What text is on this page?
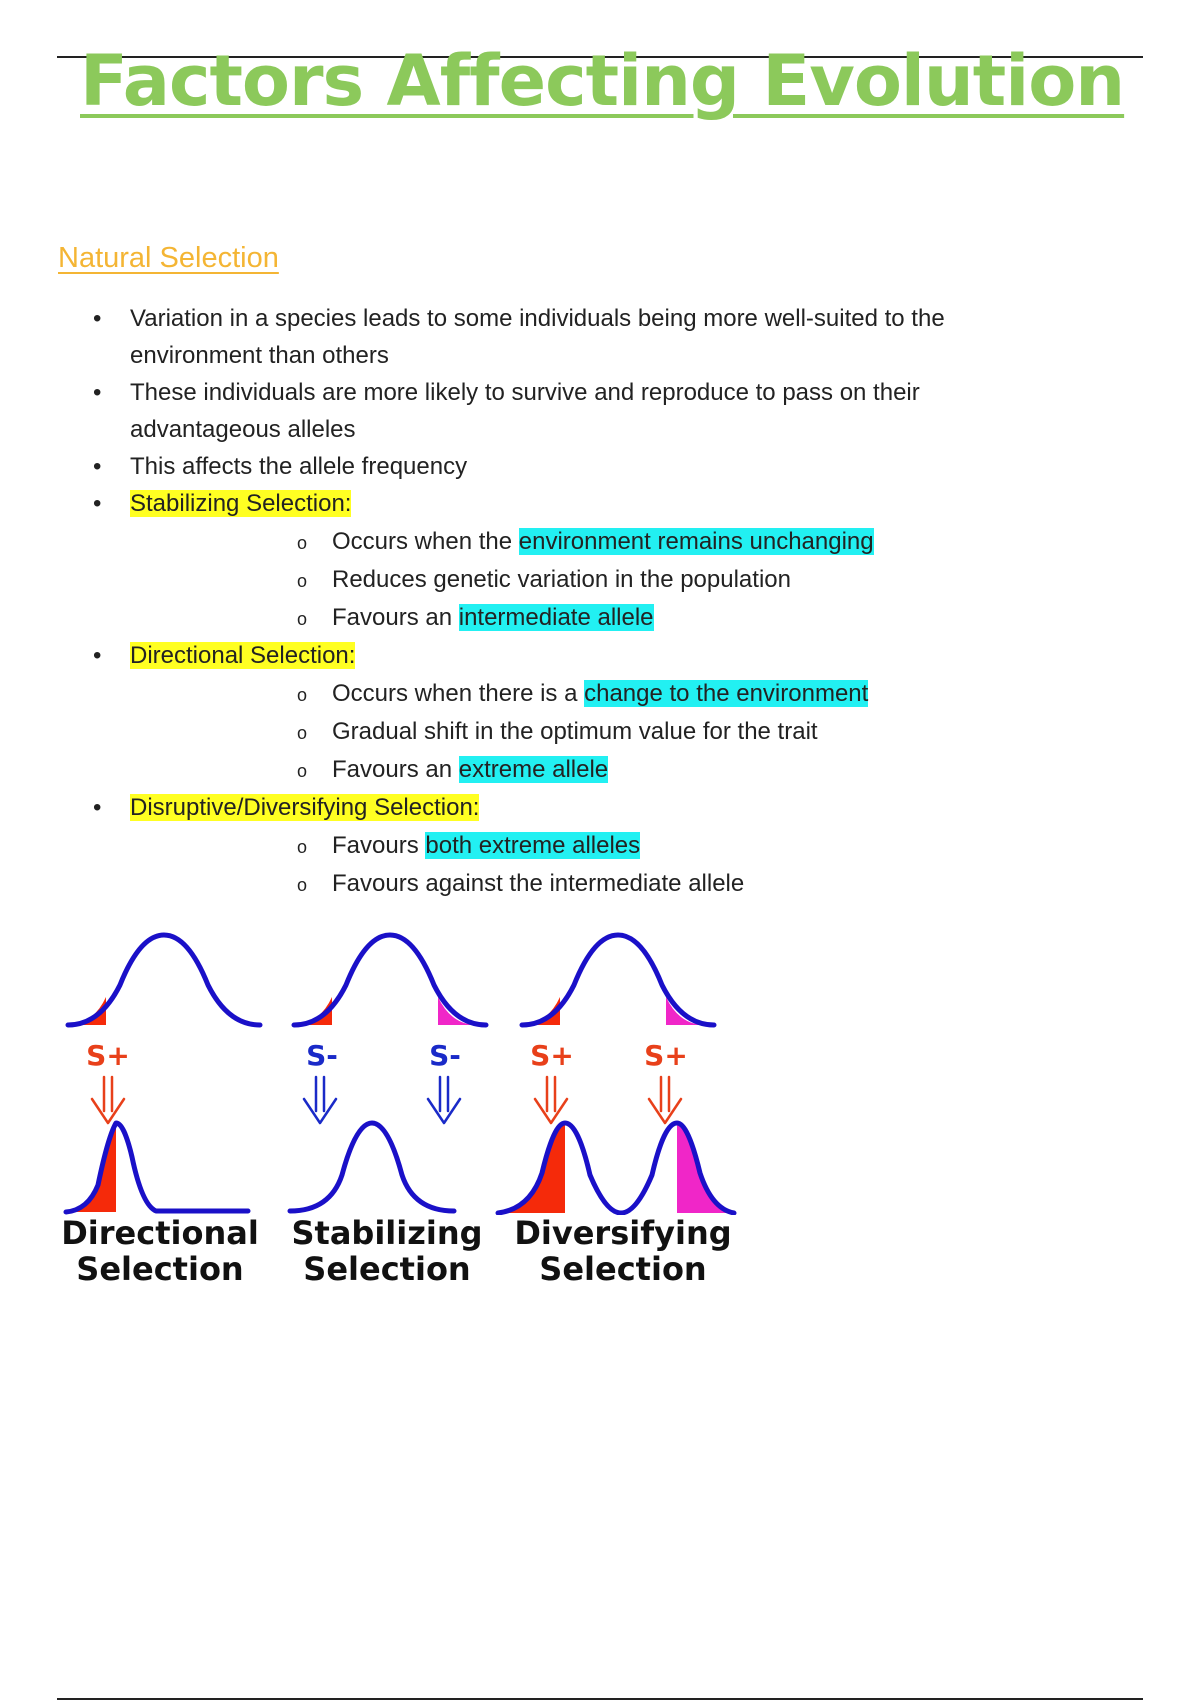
Factors Affecting Evolution
Natural Selection
• Variation in a species leads to some individuals being more well-suited to the
environment than others
• These individuals are more likely to survive and reproduce to pass on their
advantageous alleles
• This affects the allele frequency
• Stabilizing Selection:
o Occurs when the environment remains unchanging
o Reduces genetic variation in the population
o Favours an intermediate allele
• Directional Selection:
o Occurs when there is a change to the environment
o Gradual shift in the optimum value for the trait
o Favours an extreme allele
• Disruptive/Diversifying Selection:
o Favours both extreme alleles
o Favours against the intermediate allele
S+	S-	S- S+	S+
Directional
Selection
Stabilizing
Selection
Diversifying
Selection
